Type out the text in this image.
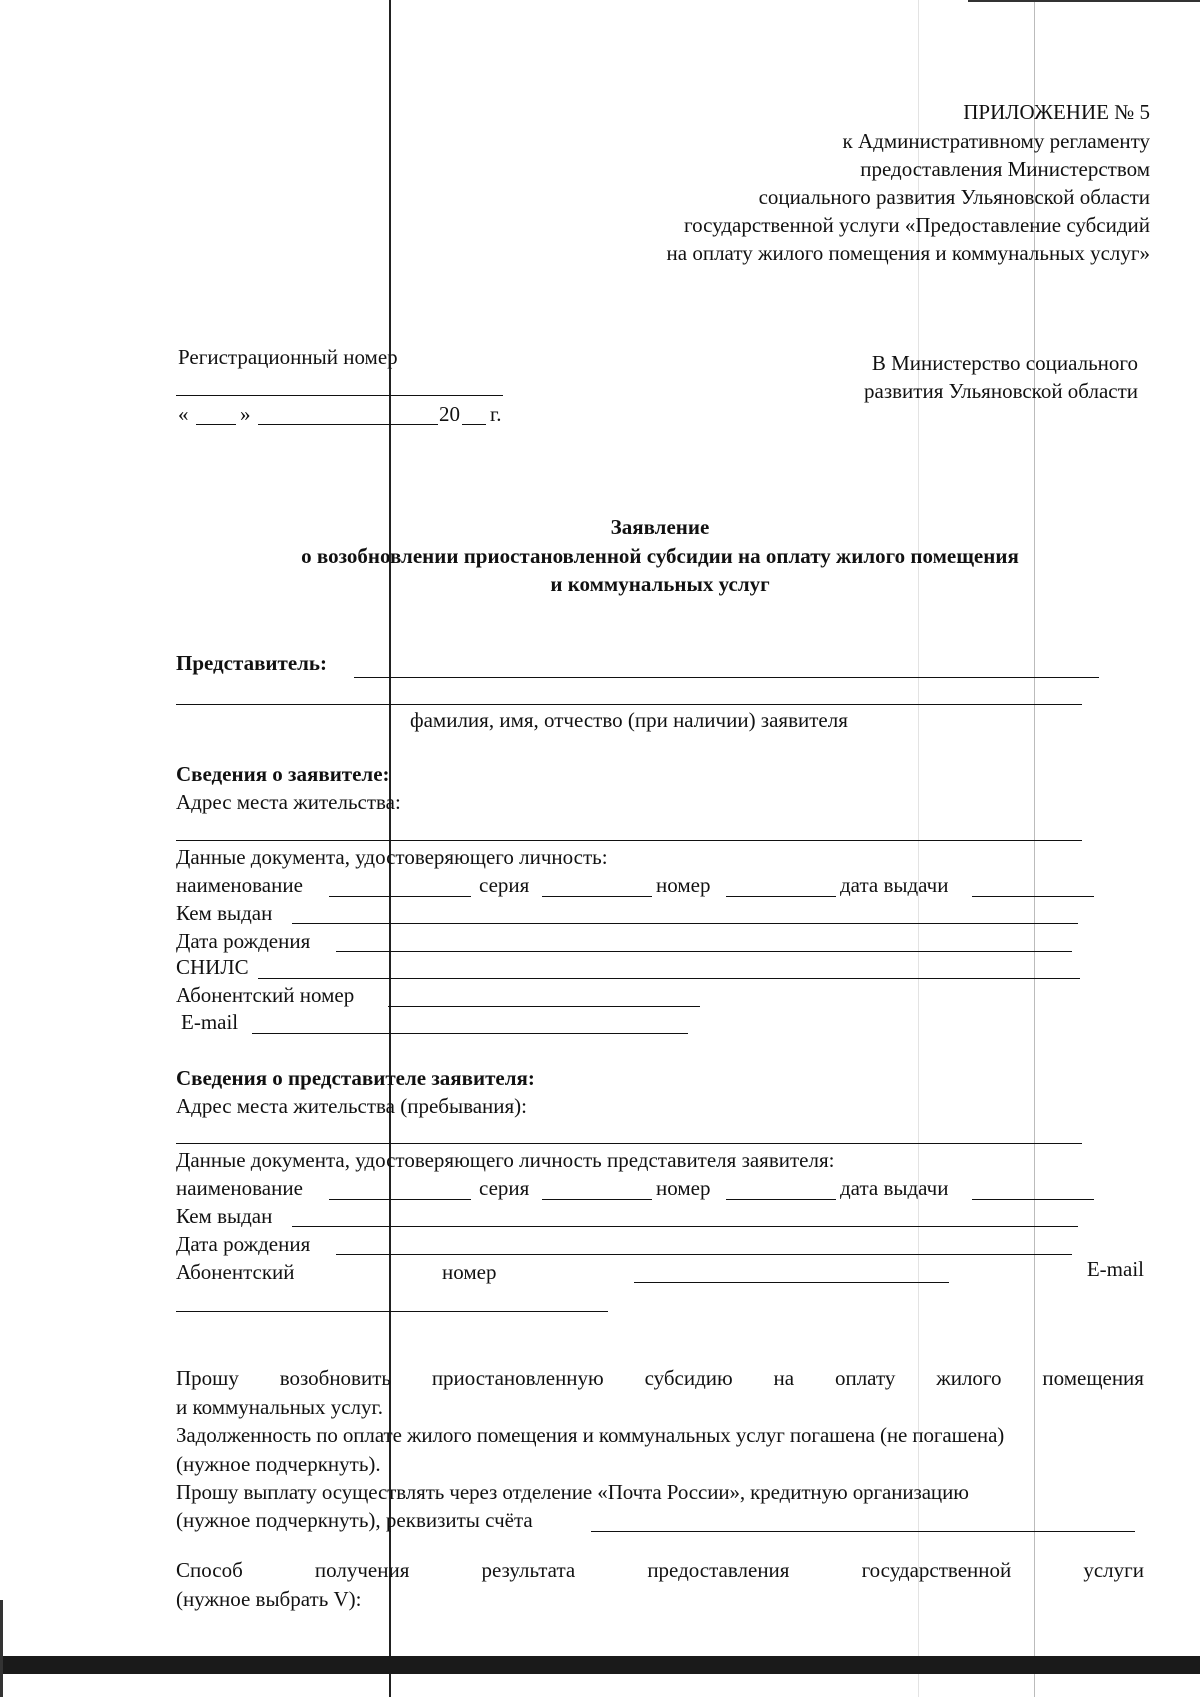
ПРИЛОЖЕНИЕ № 5
к Административному регламенту
предоставления Министерством
социального развития Ульяновской области
государственной услуги «Предоставление субсидий
на оплату жилого помещения и коммунальных услуг»
Регистрационный номер
« »	20 г.
В Министерство социального
развития Ульяновской области
Заявление
о возобновлении приостановленной субсидии на оплату жилого помещения
и коммунальных услуг
Представитель:
фамилия, имя, отчество (при наличии) заявителя
Сведения о заявителе:
Адрес места жительства:
Данные документа, удостоверяющего личность:
наименование	серия	номер	дата выдачи
Кем выдан
Дата рождения
СНИЛС
Абонентский номер
E-mail
Сведения о представителе заявителя:
Адрес места жительства (пребывания):
Данные документа, удостоверяющего личность представителя заявителя:
наименование	серия	номер	дата выдачи
Кем выдан
Дата рождения
Абонентский	номер	E-mail
Прошу возобновить приостановленную субсидию на оплату жилого помещения
и коммунальных услуг.
Задолженность по оплате жилого помещения и коммунальных услуг погашена (не погашена)
(нужное подчеркнуть).
Прошу выплату осуществлять через отделение «Почта России», кредитную организацию
(нужное подчеркнуть), реквизиты счёта
Способ	получения	результата	предоставления	государственной	услуги
(нужное выбрать V):
